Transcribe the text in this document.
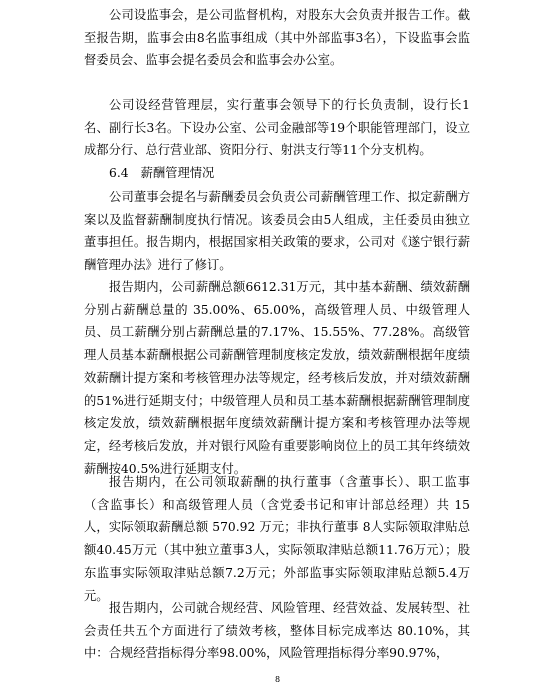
公司设监事会，是公司监督机构，对股东大会负责并报告工作。截至报告期，监事会由8名监事组成（其中外部监事3名），下设监事会监督委员会、监事会提名委员会和监事会办公室。

公司设经营管理层，实行董事会领导下的行长负责制，设行长1名、副行长3名。下设办公室、公司金融部等19个职能管理部门，设立成都分行、总行营业部、资阳分行、射洪支行等11个分支机构。

6.4 薪酬管理情况

公司董事会提名与薪酬委员会负责公司薪酬管理工作、拟定薪酬方案以及监督薪酬制度执行情况。该委员会由5人组成，主任委员由独立董事担任。报告期内，根据国家相关政策的要求，公司对《遂宁银行薪酬管理办法》进行了修订。

报告期内，公司薪酬总额6612.31万元，其中基本薪酬、绩效薪酬分别占薪酬总量的 35.00%、65.00%，高级管理人员、中级管理人员、员工薪酬分别占薪酬总量的7.17%、15.55%、77.28%。高级管理人员基本薪酬根据公司薪酬管理制度核定发放，绩效薪酬根据年度绩效薪酬计提方案和考核管理办法等规定，经考核后发放，并对绩效薪酬的51%进行延期支付；中级管理人员和员工基本薪酬根据薪酬管理制度核定发放，绩效薪酬根据年度绩效薪酬计提方案和考核管理办法等规定，经考核后发放，并对银行风险有重要影响岗位上的员工其年终绩效薪酬按40.5%进行延期支付。

报告期内，在公司领取薪酬的执行董事（含董事长）、职工监事（含监事长）和高级管理人员（含党委书记和审计部总经理）共 15人，实际领取薪酬总额 570.92 万元；非执行董事 8人实际领取津贴总额40.45万元（其中独立董事3人，实际领取津贴总额11.76万元）；股东监事实际领取津贴总额7.2万元；外部监事实际领取津贴总额5.4万元。

报告期内，公司就合规经营、风险管理、经营效益、发展转型、社会责任共五个方面进行了绩效考核，整体目标完成率达 80.10%，其中：合规经营指标得分率98.00%，风险管理指标得分率90.97%，

8
